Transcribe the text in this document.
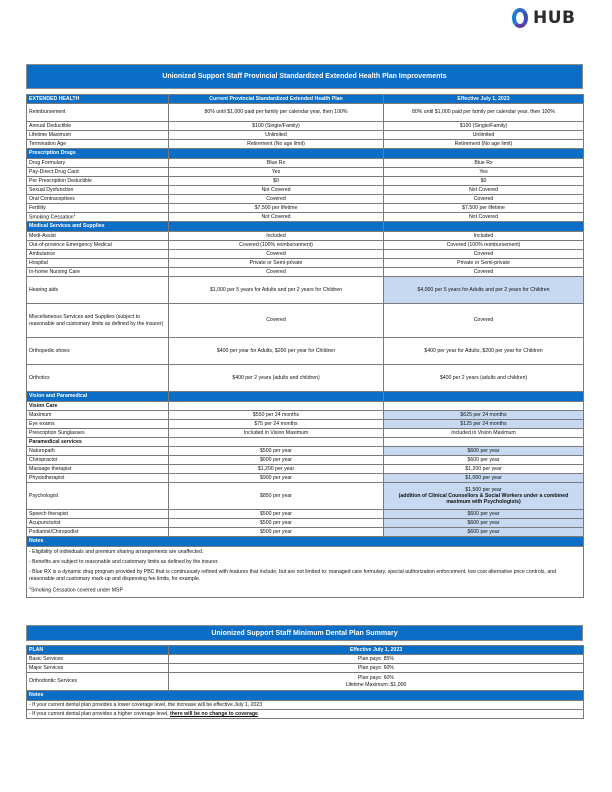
HUB
Unionized Support Staff Provincial Standardized Extended Health Plan Improvements
EXTENDED HEALTH	Current Provincial Standardized Extended Health Plan	Effective July 1, 2023
Reimbursement	80% until $1,000 paid per family per calendar year, then 100%	80% until $1,000 paid per family per calendar year, then 100%
Annual Deductible	$100 (Single/Family)	$100 (Single/Family)
Lifetime Maximum	Unlimited	Unlimited
Termination Age	Retirement (No age limit)	Retirement (No age limit)
Prescription Drugs		
Drug Formulary	Blue Rx	Blue Rx
Pay-Direct Drug Card	Yes	Yes
Per Prescription Deductible	$0	$0
Sexual Dysfunction	Not Covered	Not Covered
Oral Contraceptives	Covered	Covered
Fertility	$7,500 per lifetime	$7,500 per lifetime
Smoking Cessation$^1$	Not Covered	Not Covered
Medical Services and Supplies		
Medi-Assist	Included	Included
Out-of-province Emergency Medical	Covered (100% reimbursement)	Covered (100% reimbursement)
Ambulance	Covered	Covered
Hospital	Private or Semi-private	Private or Semi-private
In-home Nursing Care	Covered	Covered
Hearing aids	$1,000 per 5 years for Adults and per 2 years for Children	$4,000 per 5 years for Adults and per 2 years for Children
Miscellaneous Services and Supplies (subject to reasonable and customary limits as defined by the insurer)	Covered	Covered
Orthopedic shoes	$400 per year for Adults, $200 per year for Children	$400 per year for Adults, $200 per year for Children
Orthotics	$400 per 2 years (adults and children)	$400 per 2 years (adults and children)
Vision and Paramedical		
Vision Care		
Maximum	$550 per 24 months	$625 per 24 months
Eye exams	$75 per 24 months	$125 per 24 months
Prescription Sunglasses	Included in Vision Maximum	Included in Vision Maximum
Paramedical services		
Naturopath	$500 per year	$600 per year
Chiropractor	$600 per year	$600 per year
Massage therapist	$1,200 per year	$1,200 per year
Physiotherapist	$900 per year	$1,000 per year
Psychologist	$850 per year	$1,500 per year
(addition of Clinical Counsellors & Social Workers under a combined maximum with Psychologists)

Speech therapist	$500 per year	$600 per year
Acupuncturist	$500 per year	$600 per year
Podiatrist/Chiropodist	$500 per year	$600 per year
Notes		

- Eligibility of individuals and premium sharing arrangements are unaffected.

- Benefits are subject to reasonable and customary limits as defined by the insurer.

- Blue RX is a dynamic drug program provided by PBC that is continuously refined with features that include, but are not limited to: managed care formulary, special authorization enforcement, low cost alternative price controls, and reasonable and customary mark-up and dispensing fee limits, for example.

$^1$Smoking Cessation covered under MSP		

Unionized Support Staff Minimum Dental Plan Summary
PLAN	Effective July 1, 2023
Basic Services	Plan pays: 85%
Major Services	Plan pays: 60%
Orthodontic Services	Plan pays: 60%
Lifetime Maximum: $1,000

Notes	
- If your current dental plan provides a lower coverage level, the increase will be effective July 1, 2023	
- If your current dental plan provides a higher coverage level, there will be no change to coverage.	
